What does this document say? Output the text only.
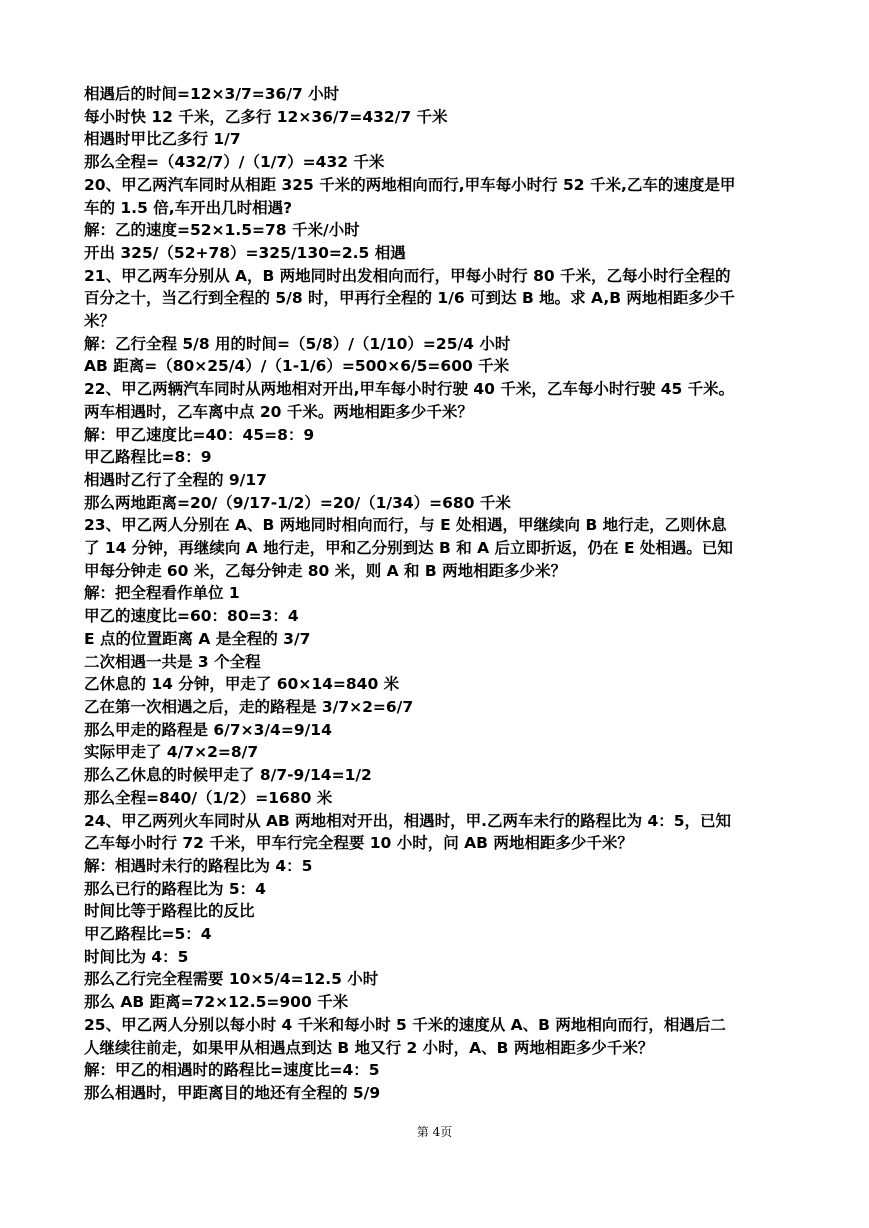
相遇后的时间=12×3/7=36/7 小时

每小时快 12 千米，乙多行 12×36/7=432/7 千米

相遇时甲比乙多行 1/7

那么全程=（432/7）/（1/7）=432 千米

20、甲乙两汽车同时从相距 325 千米的两地相向而行,甲车每小时行 52 千米,乙车的速度是甲

车的 1.5 倍,车开出几时相遇?

解：乙的速度=52×1.5=78 千米/小时

开出 325/（52+78）=325/130=2.5 相遇

21、甲乙两车分别从 A，B 两地同时出发相向而行，甲每小时行 80 千米，乙每小时行全程的

百分之十，当乙行到全程的 5/8 时，甲再行全程的 1/6 可到达 B 地。求 A,B 两地相距多少千

米？

解：乙行全程 5/8 用的时间=（5/8）/（1/10）=25/4 小时

AB 距离=（80×25/4）/（1-1/6）=500×6/5=600 千米

22、甲乙两辆汽车同时从两地相对开出,甲车每小时行驶 40 千米，乙车每小时行驶 45 千米。

两车相遇时，乙车离中点 20 千米。两地相距多少千米？

解：甲乙速度比=40：45=8：9

甲乙路程比=8：9

相遇时乙行了全程的 9/17

那么两地距离=20/（9/17-1/2）=20/（1/34）=680 千米

23、甲乙两人分别在 A、B 两地同时相向而行，与 E 处相遇，甲继续向 B 地行走，乙则休息

了 14 分钟，再继续向 A 地行走，甲和乙分别到达 B 和 A 后立即折返，仍在 E 处相遇。已知

甲每分钟走 60 米，乙每分钟走 80 米，则 A 和 B 两地相距多少米？

解：把全程看作单位 1

甲乙的速度比=60：80=3：4

E 点的位置距离 A 是全程的 3/7

二次相遇一共是 3 个全程

乙休息的 14 分钟，甲走了 60×14=840 米

乙在第一次相遇之后，走的路程是 3/7×2=6/7

那么甲走的路程是 6/7×3/4=9/14

实际甲走了 4/7×2=8/7

那么乙休息的时候甲走了 8/7-9/14=1/2

那么全程=840/（1/2）=1680 米

24、甲乙两列火车同时从 AB 两地相对开出，相遇时，甲.乙两车未行的路程比为 4：5，已知

乙车每小时行 72 千米，甲车行完全程要 10 小时，问 AB 两地相距多少千米？

解：相遇时未行的路程比为 4：5

那么已行的路程比为 5：4

时间比等于路程比的反比

甲乙路程比=5：4

时间比为 4：5

那么乙行完全程需要 10×5/4=12.5 小时

那么 AB 距离=72×12.5=900 千米

25、甲乙两人分别以每小时 4 千米和每小时 5 千米的速度从 A、B 两地相向而行，相遇后二

人继续往前走，如果甲从相遇点到达 B 地又行 2 小时，A、B 两地相距多少千米？

解：甲乙的相遇时的路程比=速度比=4：5

那么相遇时，甲距离目的地还有全程的 5/9

第 4页
